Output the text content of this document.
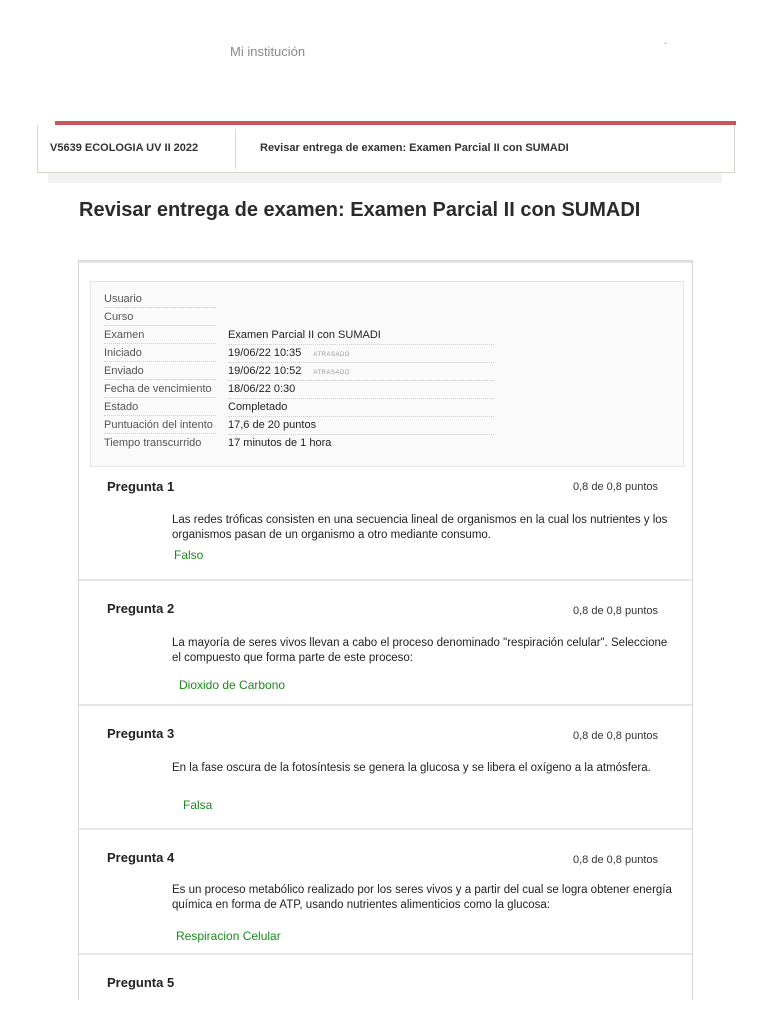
Mi institución
-
V5639 ECOLOGIA UV II 2022	Revisar entrega de examen: Examen Parcial II con SUMADI
Revisar entrega de examen: Examen Parcial II con SUMADI
Usuario
Curso
Examen	Examen Parcial II con SUMADI
Iniciado	19/06/22 10:35 ATRASADO
Enviado	19/06/22 10:52 ATRASADO
Fecha de vencimiento	18/06/22 0:30
Estado	Completado
Puntuación del intento 17,6 de 20 puntos
Tiempo transcurrido	17 minutos de 1 hora
Pregunta 1	0,8 de 0,8 puntos
Las redes tróficas consisten en una secuencia lineal de organismos en la cual los nutrientes y los organismos pasan de un organismo a otro mediante consumo.
Falso
Pregunta 2	0,8 de 0,8 puntos
La mayoría de seres vivos llevan a cabo el proceso denominado "respiración celular". Seleccione el compuesto que forma parte de este proceso:
Dioxido de Carbono
Pregunta 3	0,8 de 0,8 puntos
En la fase oscura de la fotosíntesis se genera la glucosa y se libera el oxígeno a la atmósfera.
Falsa
Pregunta 4	0,8 de 0,8 puntos
Es un proceso metabólico realizado por los seres vivos y a partir del cual se logra obtener energía química en forma de ATP, usando nutrientes alimenticios como la glucosa:
Respiracion Celular
Pregunta 5
